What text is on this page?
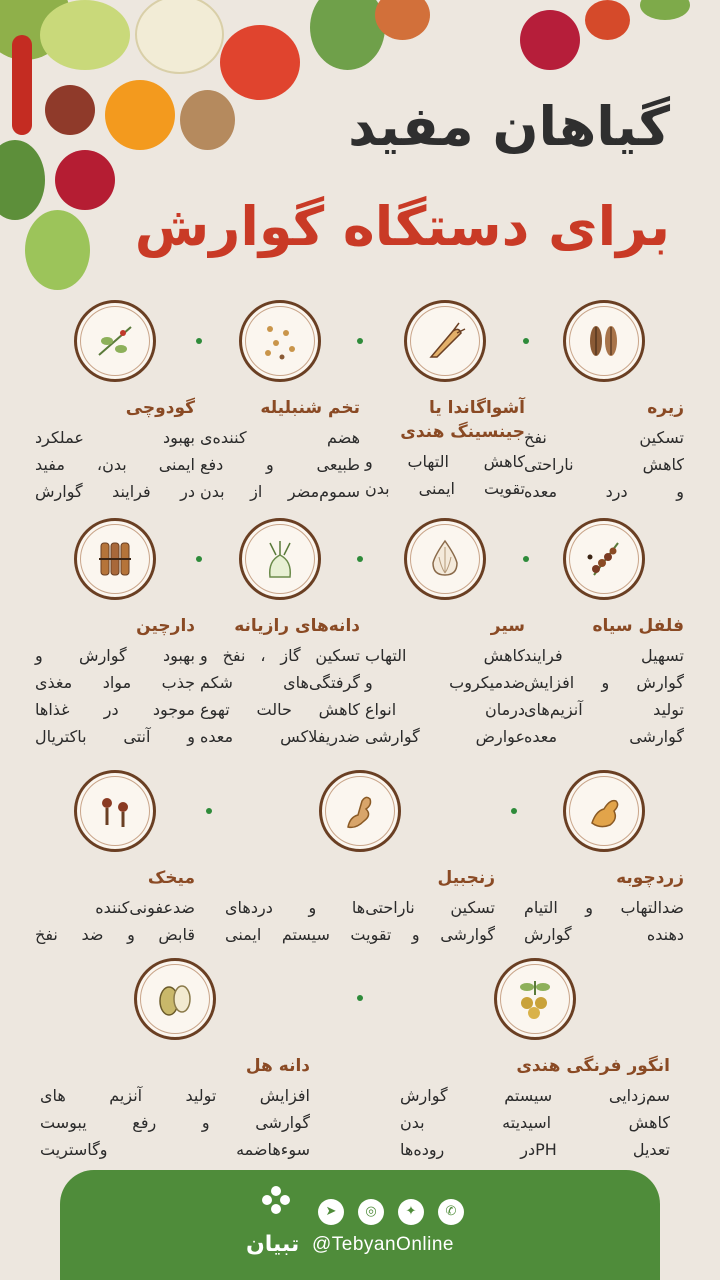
گیاهان مفید
برای دستگاه گوارش
زیره
تسکین نفخ
کاهش ناراحتی
و درد معده
آشواگاندا یا جینسینگ هندی
کاهش التهاب و
تقویت ایمنی بدن
تخم شنبلیله
هضم کننده‌ی
طبیعی و دفع
سموم‌مضر از بدن
گودوچی
بهبود عملکرد
ایمنی بدن، مفید
در فرایند گوارش
فلفل سیاه
تسهیل فرایند
گوارش و افزایش
تولید آنزیم‌های
گوارشی معده
سیر
کاهش التهاب
ضدمیکروب و
درمان انواع
عوارض گوارشی
دانه‌های رازیانه
تسکین گاز ، نفخ و
گرفتگی‌های شکم
کاهش حالت تهوع
ضدریفلاکس معده
دارچین
بهبود گوارش و
جذب مواد مغذی
موجود در غذاها
و آنتی باکتریال
زردچوبه
ضدالتهاب و التیام
دهنده گوارش
زنجبیل
تسکین ناراحتی‌ها و دردهای
گوارشی و تقویت سیستم ایمنی
میخک
ضدعفونی‌کننده
قابض و ضد نفخ
انگور فرنگی هندی
سم‌زدایی سیستم گوارش
کاهش اسیدیته بدن
تعدیل PHدر روده‌ها
دانه هل
افزایش تولید آنزیم های
گوارشی و رفع یبوست
سوءهاضمه وگاستریت
تبیان
➤	◎	✦	✆
@TebyanOnline
